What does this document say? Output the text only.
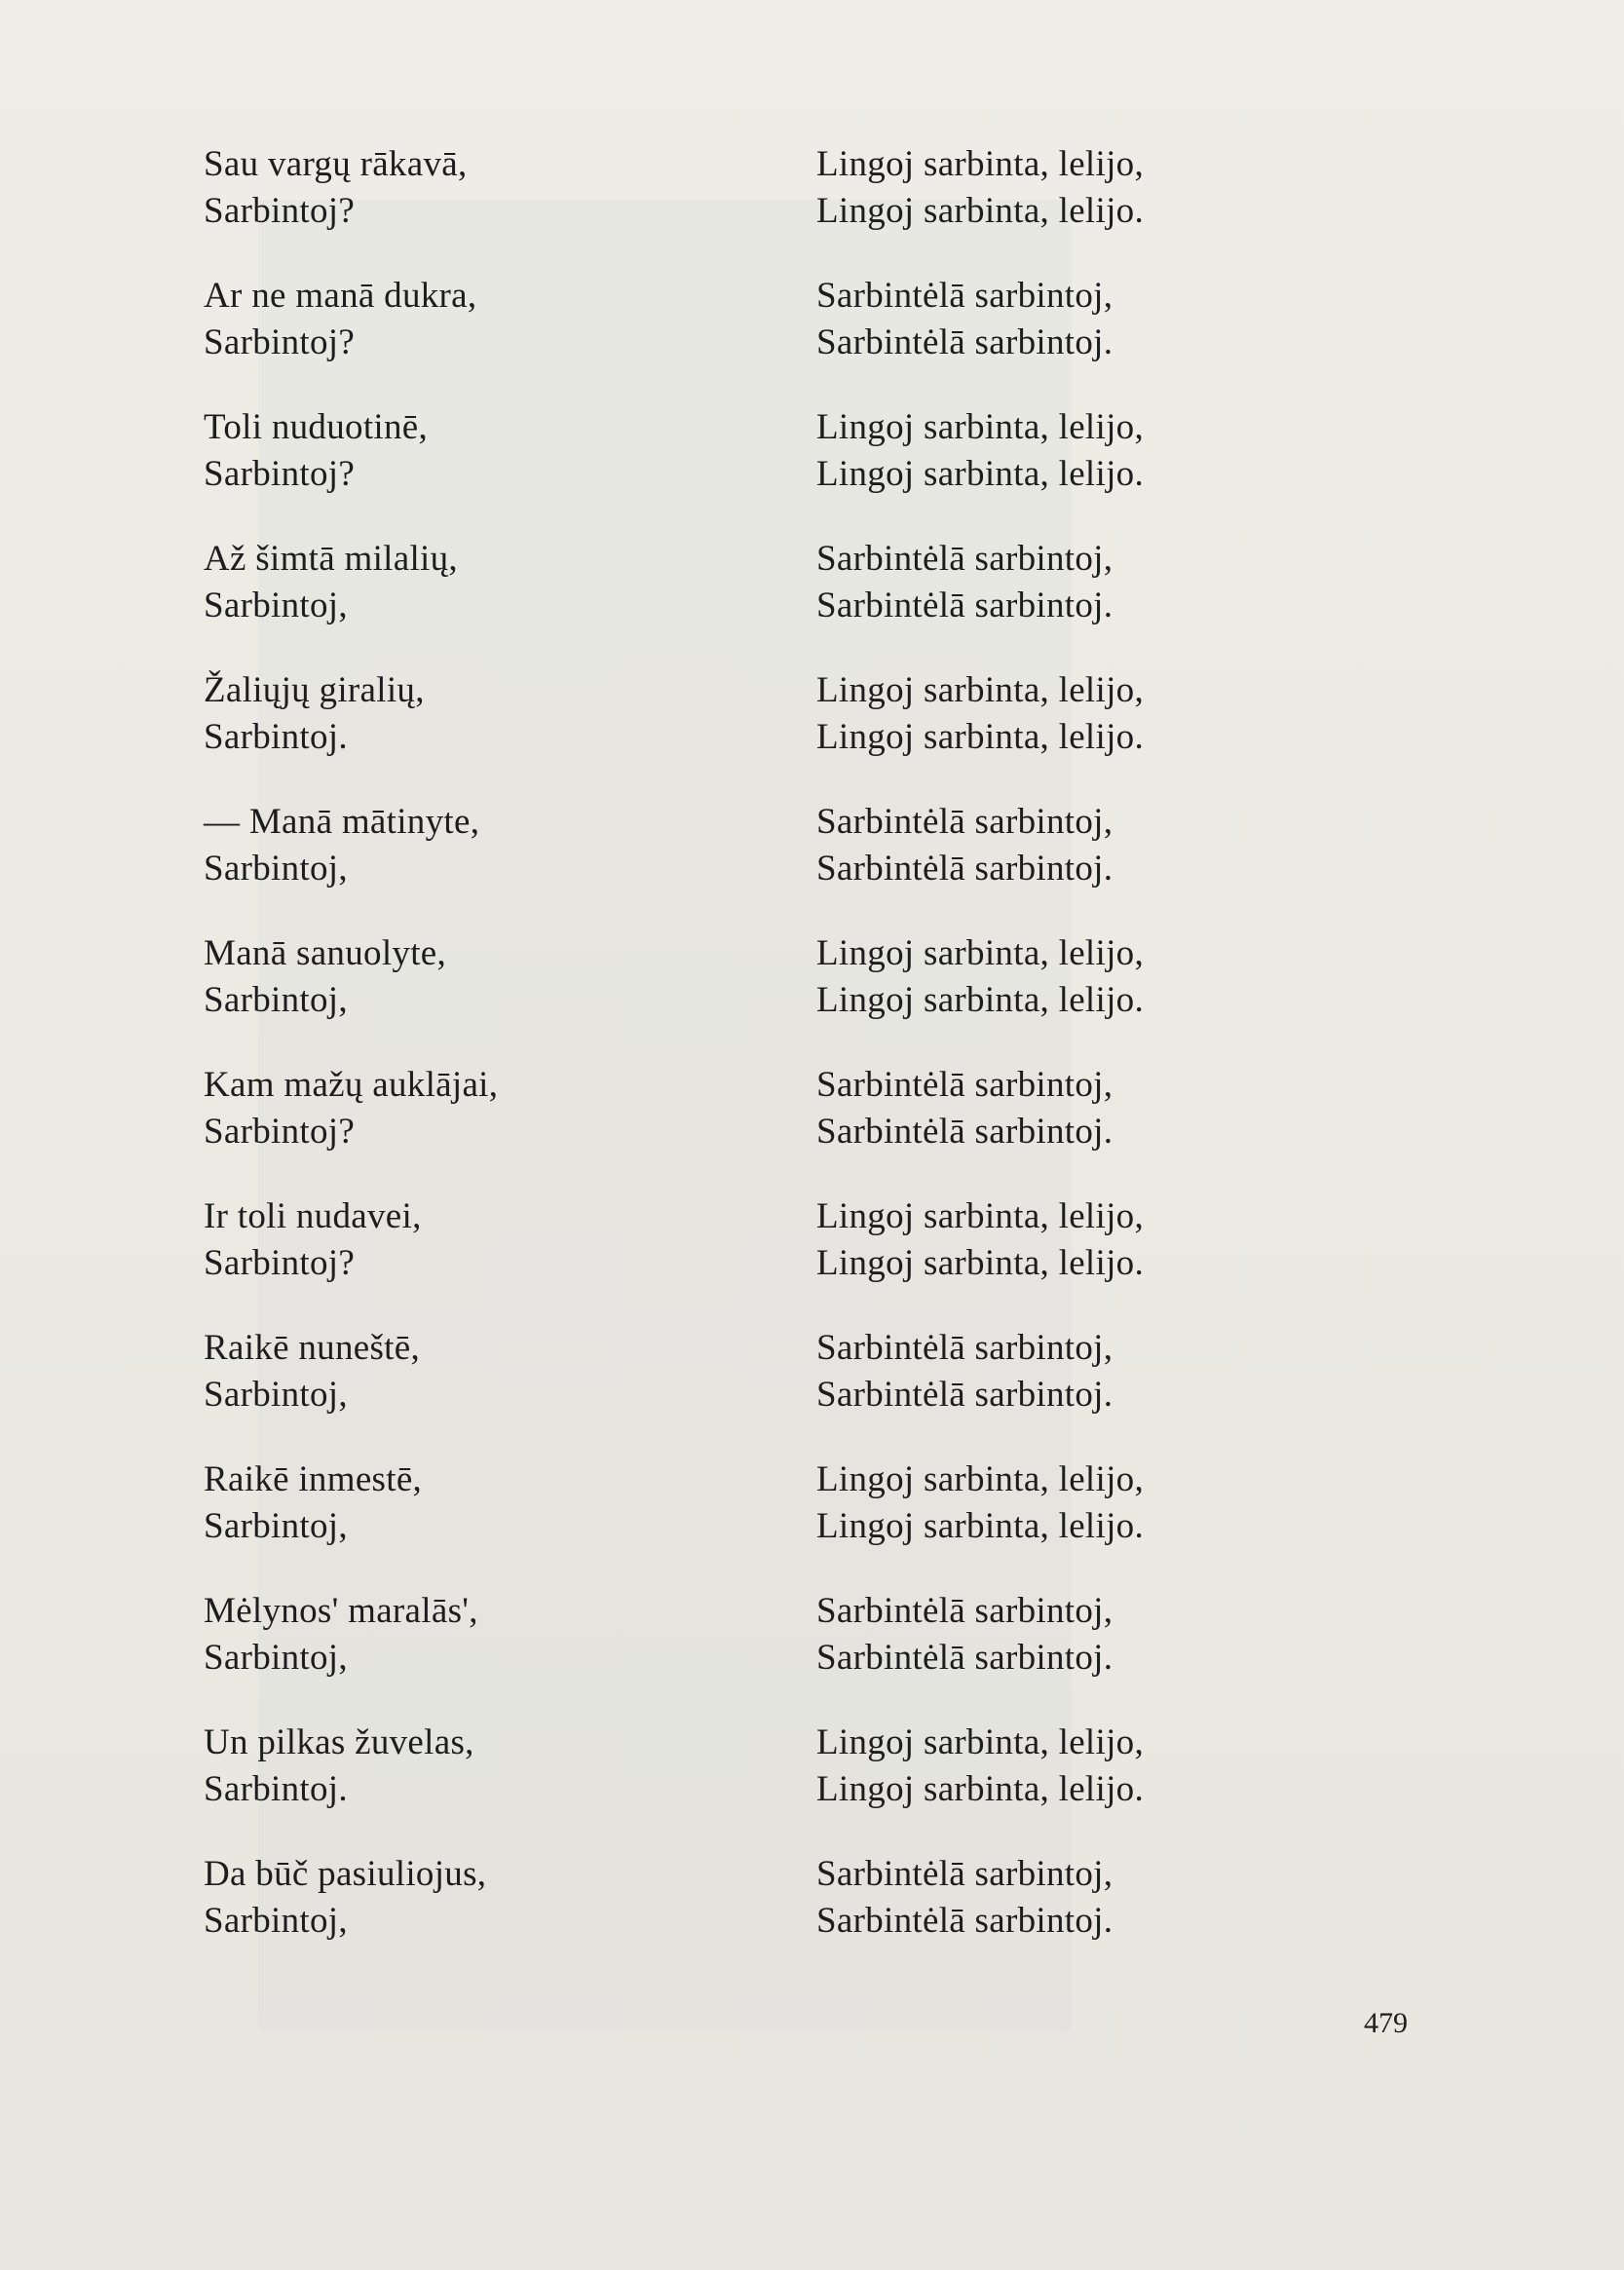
Sau vargų rākavā,
Sarbintoj?
Lingoj sarbinta, lelijo,
Lingoj sarbinta, lelijo.
Ar ne manā dukra,
Sarbintoj?
Sarbintėlā sarbintoj,
Sarbintėlā sarbintoj.
Toli nuduotinē,
Sarbintoj?
Lingoj sarbinta, lelijo,
Lingoj sarbinta, lelijo.
Až šimtā milalių,
Sarbintoj,
Sarbintėlā sarbintoj,
Sarbintėlā sarbintoj.
Žaliųjų giralių,
Sarbintoj.
Lingoj sarbinta, lelijo,
Lingoj sarbinta, lelijo.
— Manā mātinyte,
Sarbintoj,
Sarbintėlā sarbintoj,
Sarbintėlā sarbintoj.
Manā sanuolyte,
Sarbintoj,
Lingoj sarbinta, lelijo,
Lingoj sarbinta, lelijo.
Kam mažų auklājai,
Sarbintoj?
Sarbintėlā sarbintoj,
Sarbintėlā sarbintoj.
Ir toli nudavei,
Sarbintoj?
Lingoj sarbinta, lelijo,
Lingoj sarbinta, lelijo.
Raikē nuneštē,
Sarbintoj,
Sarbintėlā sarbintoj,
Sarbintėlā sarbintoj.
Raikē inmestē,
Sarbintoj,
Lingoj sarbinta, lelijo,
Lingoj sarbinta, lelijo.
Mėlynos' maralās',
Sarbintoj,
Sarbintėlā sarbintoj,
Sarbintėlā sarbintoj.
Un pilkas žuvelas,
Sarbintoj.
Lingoj sarbinta, lelijo,
Lingoj sarbinta, lelijo.
Da būč pasiuliojus,
Sarbintoj,
Sarbintėlā sarbintoj,
Sarbintėlā sarbintoj.
479
